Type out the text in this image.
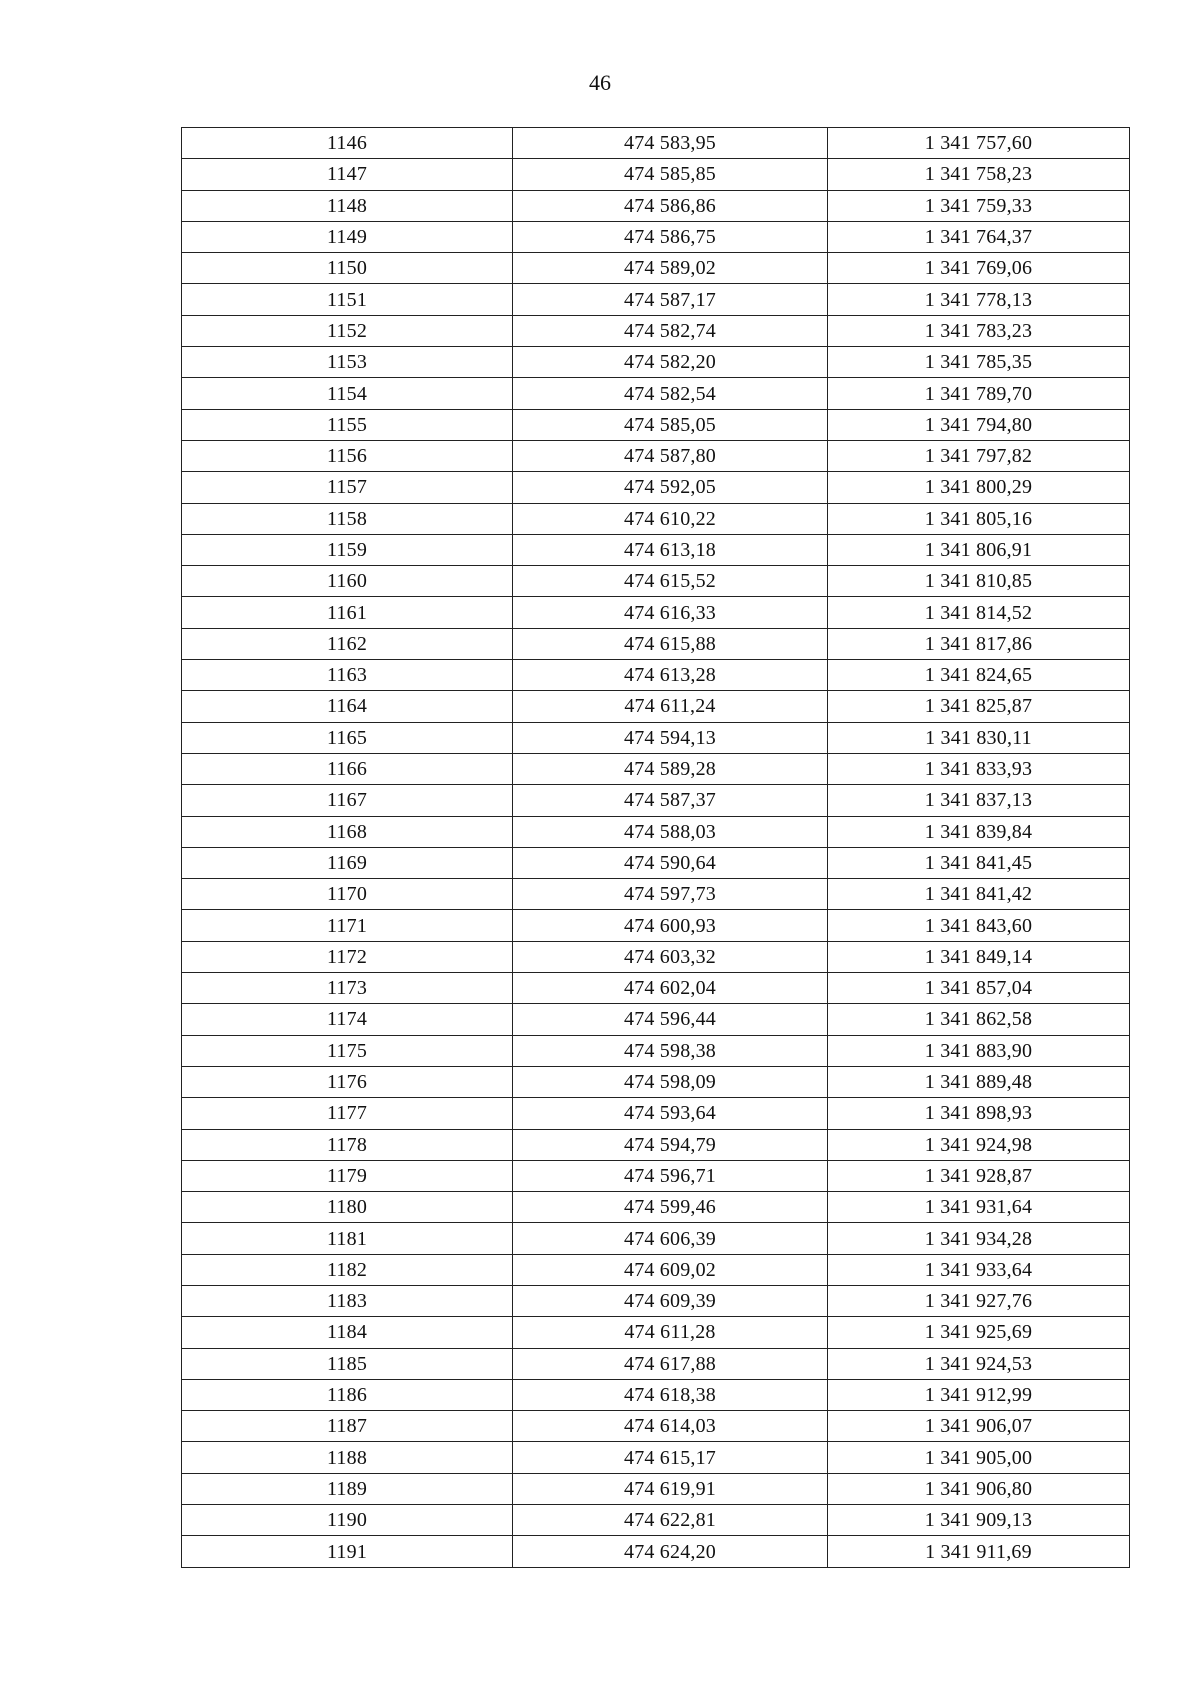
46
1146	474 583,95	1 341 757,60
1147	474 585,85	1 341 758,23
1148	474 586,86	1 341 759,33
1149	474 586,75	1 341 764,37
1150	474 589,02	1 341 769,06
1151	474 587,17	1 341 778,13
1152	474 582,74	1 341 783,23
1153	474 582,20	1 341 785,35
1154	474 582,54	1 341 789,70
1155	474 585,05	1 341 794,80
1156	474 587,80	1 341 797,82
1157	474 592,05	1 341 800,29
1158	474 610,22	1 341 805,16
1159	474 613,18	1 341 806,91
1160	474 615,52	1 341 810,85
1161	474 616,33	1 341 814,52
1162	474 615,88	1 341 817,86
1163	474 613,28	1 341 824,65
1164	474 611,24	1 341 825,87
1165	474 594,13	1 341 830,11
1166	474 589,28	1 341 833,93
1167	474 587,37	1 341 837,13
1168	474 588,03	1 341 839,84
1169	474 590,64	1 341 841,45
1170	474 597,73	1 341 841,42
1171	474 600,93	1 341 843,60
1172	474 603,32	1 341 849,14
1173	474 602,04	1 341 857,04
1174	474 596,44	1 341 862,58
1175	474 598,38	1 341 883,90
1176	474 598,09	1 341 889,48
1177	474 593,64	1 341 898,93
1178	474 594,79	1 341 924,98
1179	474 596,71	1 341 928,87
1180	474 599,46	1 341 931,64
1181	474 606,39	1 341 934,28
1182	474 609,02	1 341 933,64
1183	474 609,39	1 341 927,76
1184	474 611,28	1 341 925,69
1185	474 617,88	1 341 924,53
1186	474 618,38	1 341 912,99
1187	474 614,03	1 341 906,07
1188	474 615,17	1 341 905,00
1189	474 619,91	1 341 906,80
1190	474 622,81	1 341 909,13
1191	474 624,20	1 341 911,69
